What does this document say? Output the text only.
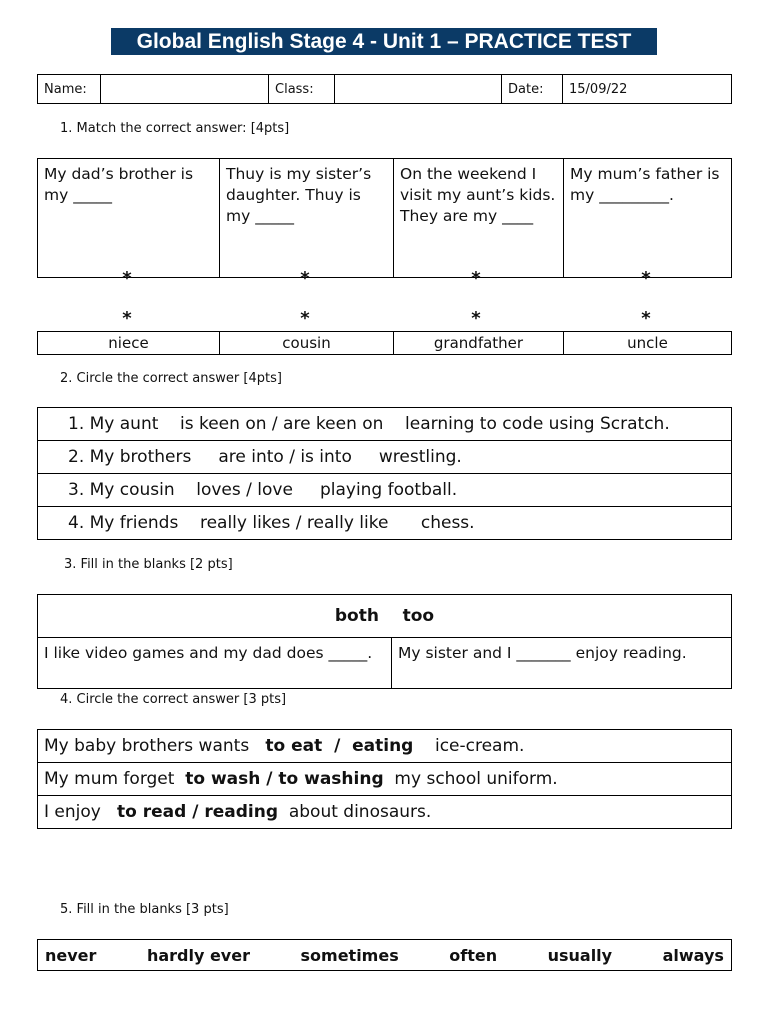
Global English Stage 4 - Unit 1 – PRACTICE TEST
Name:		Class:		Date:	15/09/22
1. Match the correct answer: [4pts]
My dad’s brother is my _____	Thuy is my sister’s daughter. Thuy is my _____	On the weekend I visit my aunt’s kids. They are my ____	My mum’s father is my _________.
*	*	*	*
*	*	*	*
niece	cousin	grandfather	uncle
2. Circle the correct answer [4pts]
1. My aunt    is keen on / are keen on    learning to code using Scratch.
2. My brothers     are into / is into     wrestling.
3. My cousin    loves / love     playing football.
4. My friends    really likes / really like      chess.
3. Fill in the blanks [2 pts]
both    too
I like video games and my dad does _____.	My sister and I _______ enjoy reading.
4. Circle the correct answer [3 pts]
My baby brothers wants   to eat  /  eating    ice-cream.
My mum forget  to wash / to washing  my school uniform.
I enjoy   to read / reading  about dinosaurs.
5. Fill in the blanks [3 pts]
never	hardly ever	sometimes	often	usually	always
